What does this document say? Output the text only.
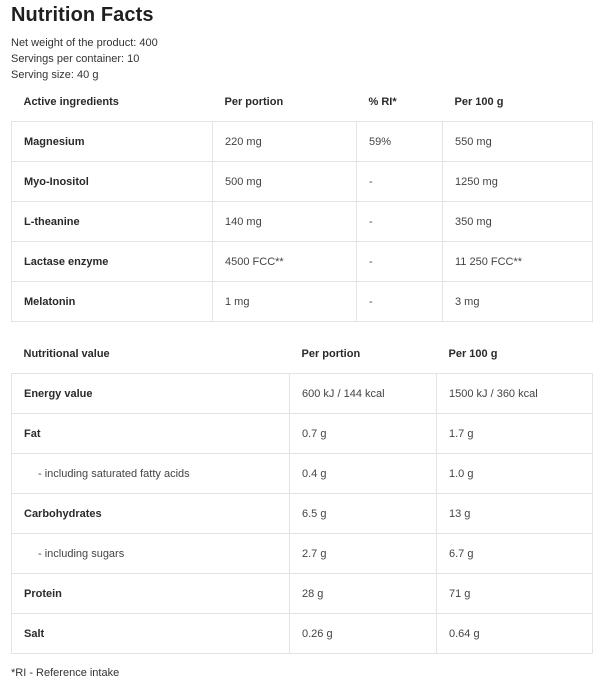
Nutrition Facts
Net weight of the product: 400
Servings per container: 10
Serving size: 40 g
Active ingredients	Per portion	% RI*	Per 100 g
Magnesium	220 mg	59%	550 mg
Myo-Inositol	500 mg	-	1250 mg
L-theanine	140 mg	-	350 mg
Lactase enzyme	4500 FCC**	-	11 250 FCC**
Melatonin	1 mg	-	3 mg
Nutritional value	Per portion	Per 100 g
Energy value	600 kJ / 144 kcal	1500 kJ / 360 kcal
Fat	0.7 g	1.7 g
- including saturated fatty acids	0.4 g	1.0 g
Carbohydrates	6.5 g	13 g
- including sugars	2.7 g	6.7 g
Protein	28 g	71 g
Salt	0.26 g	0.64 g
*RI - Reference intake
